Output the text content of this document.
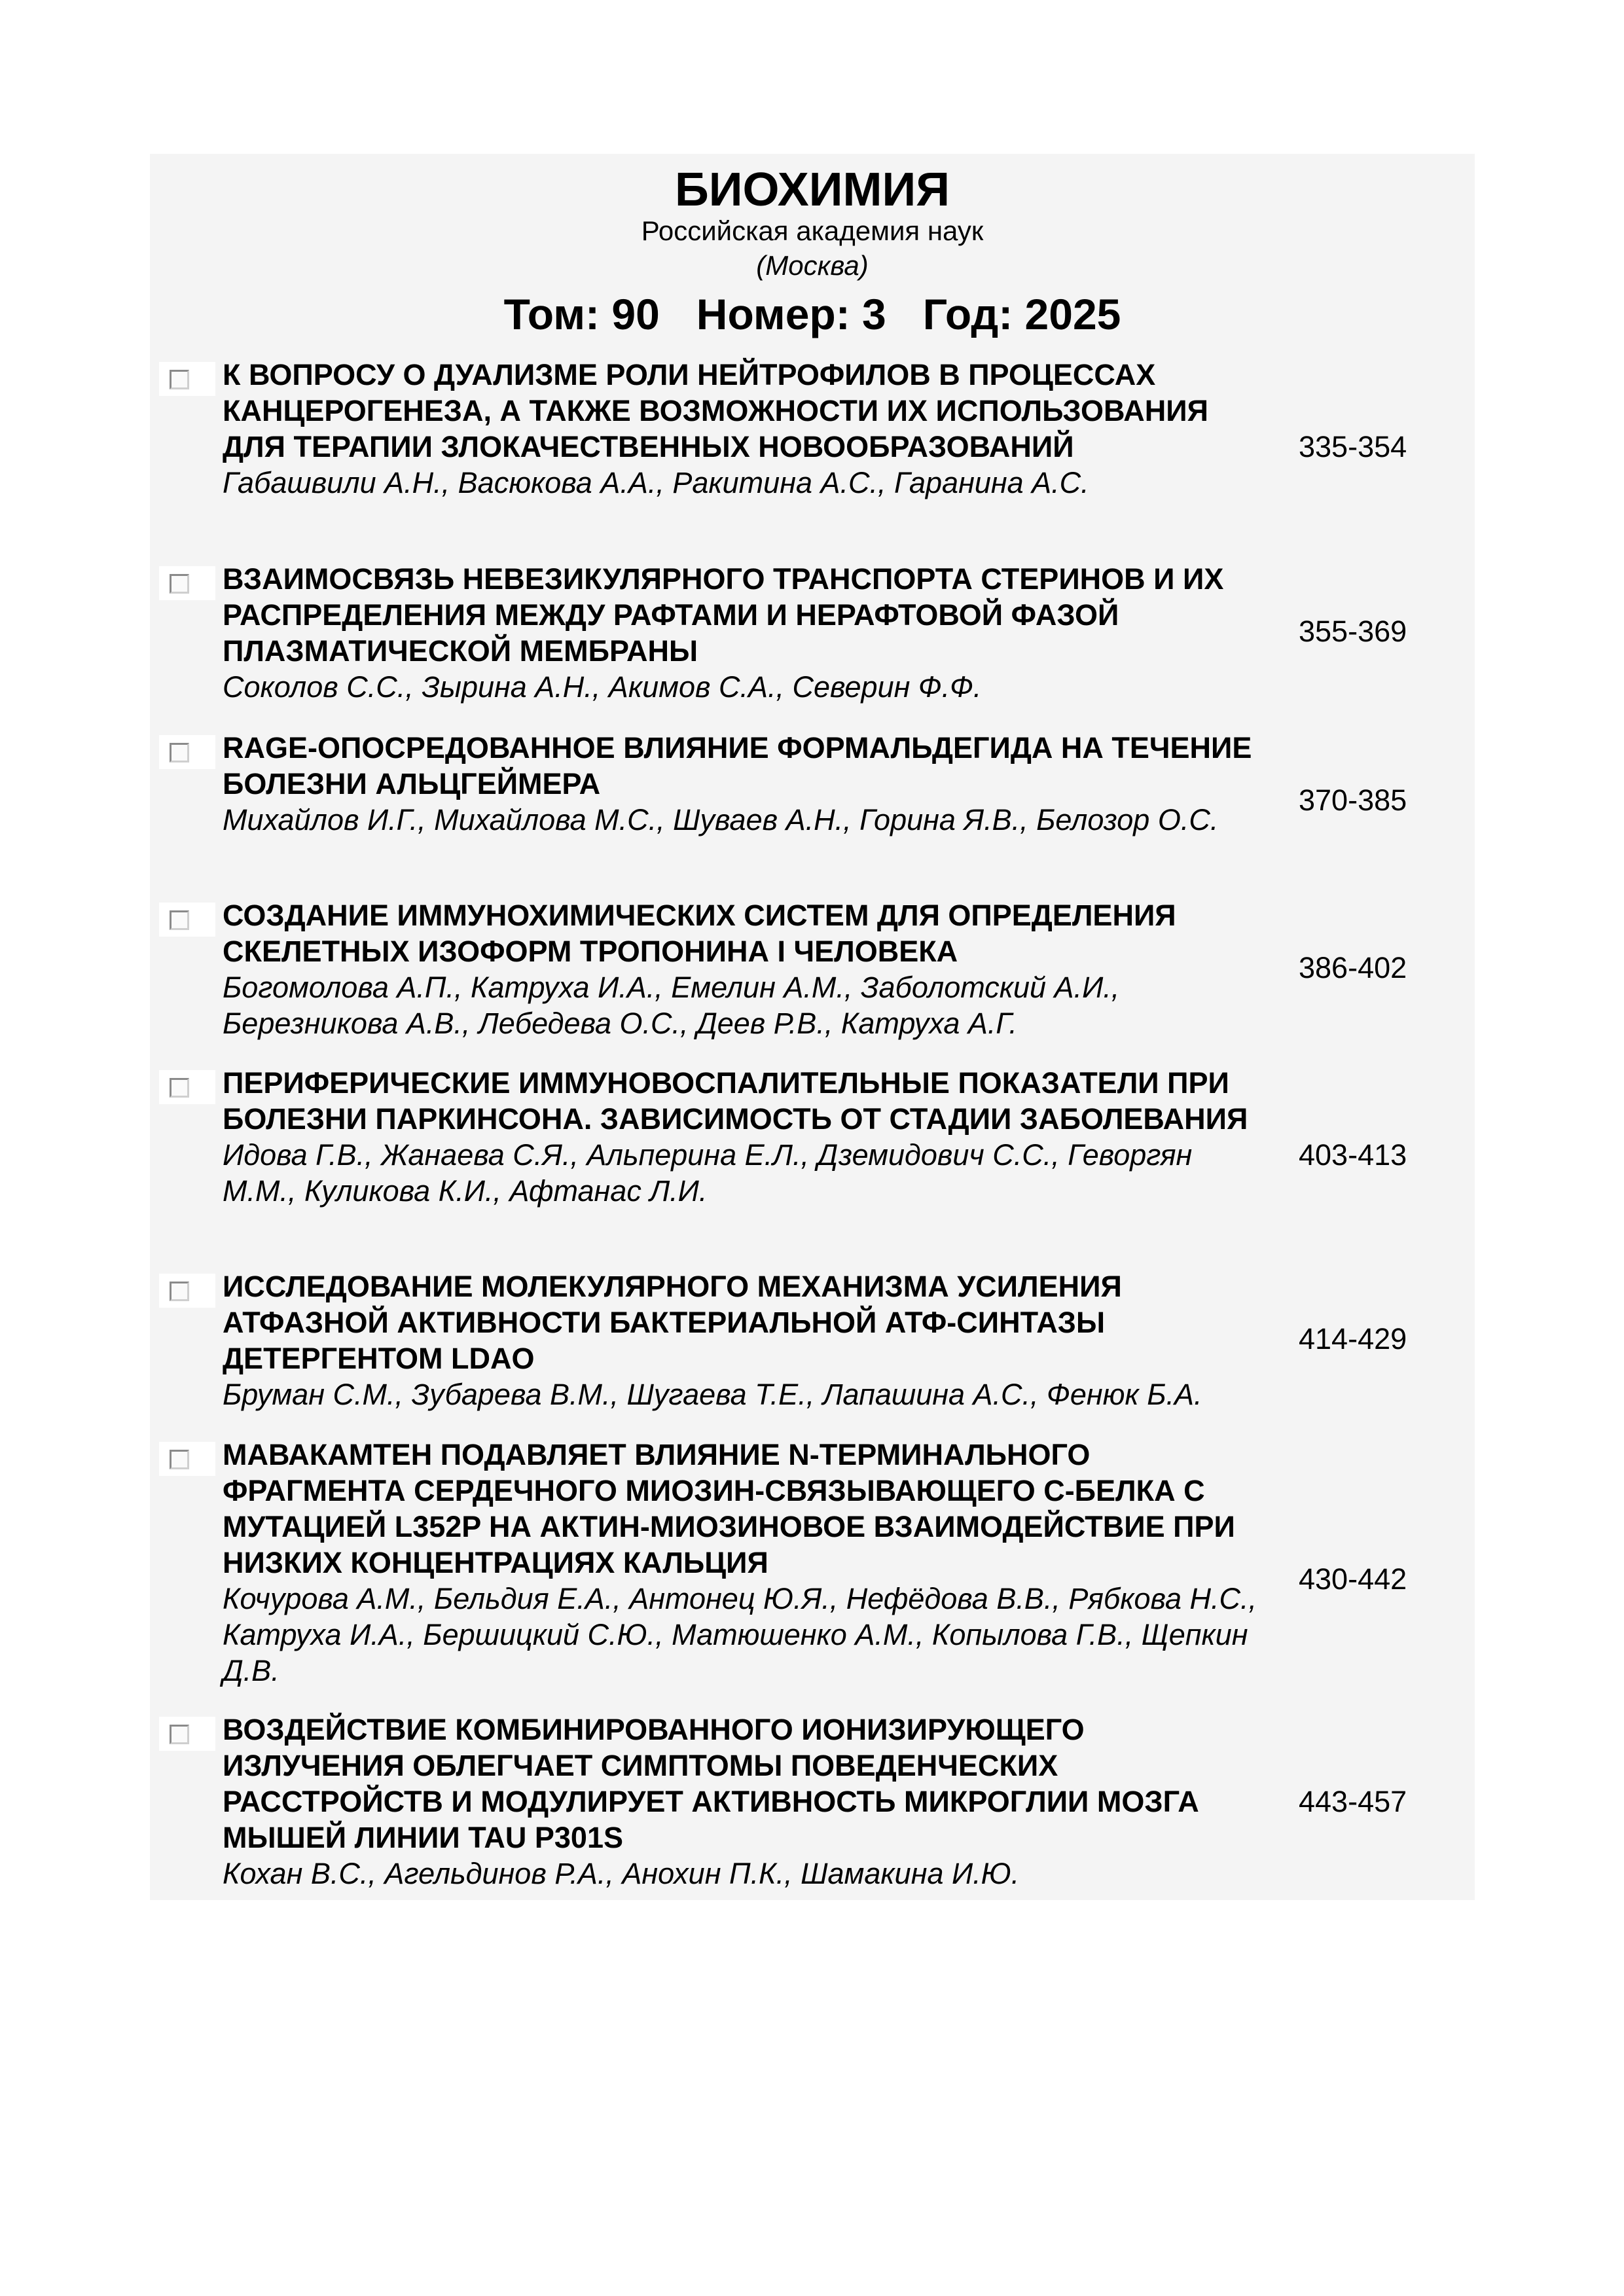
БИОХИМИЯ
Российская академия наук
(Москва)
Том: 90 Номер: 3 Год: 2025
К ВОПРОСУ О ДУАЛИЗМЕ РОЛИ НЕЙТРОФИЛОВ В ПРОЦЕССАХ КАНЦЕРОГЕНЕЗА, А ТАКЖЕ ВОЗМОЖНОСТИ ИХ ИСПОЛЬЗОВАНИЯ ДЛЯ ТЕРАПИИ ЗЛОКАЧЕСТВЕННЫХ НОВООБРАЗОВАНИЙ
Габашвили А.Н., Васюкова А.А., Ракитина А.С., Гаранина А.С.
335-354
ВЗАИМОСВЯЗЬ НЕВЕЗИКУЛЯРНОГО ТРАНСПОРТА СТЕРИНОВ И ИХ РАСПРЕДЕЛЕНИЯ МЕЖДУ РАФТАМИ И НЕРАФТОВОЙ ФАЗОЙ ПЛАЗМАТИЧЕСКОЙ МЕМБРАНЫ
Соколов С.С., Зырина А.Н., Акимов С.А., Северин Ф.Ф.
355-369
RAGE-ОПОСРЕДОВАННОЕ ВЛИЯНИЕ ФОРМАЛЬДЕГИДА НА ТЕЧЕНИЕ БОЛЕЗНИ АЛЬЦГЕЙМЕРА
Михайлов И.Г., Михайлова М.С., Шуваев А.Н., Горина Я.В., Белозор О.С.
370-385
СОЗДАНИЕ ИММУНОХИМИЧЕСКИХ СИСТЕМ ДЛЯ ОПРЕДЕЛЕНИЯ СКЕЛЕТНЫХ ИЗОФОРМ ТРОПОНИНА I ЧЕЛОВЕКА
Богомолова А.П., Катруха И.А., Емелин А.М., Заболотский А.И., Березникова А.В., Лебедева О.С., Деев Р.В., Катруха А.Г.
386-402
ПЕРИФЕРИЧЕСКИЕ ИММУНОВОСПАЛИТЕЛЬНЫЕ ПОКАЗАТЕЛИ ПРИ БОЛЕЗНИ ПАРКИНСОНА. ЗАВИСИМОСТЬ ОТ СТАДИИ ЗАБОЛЕВАНИЯ
Идова Г.В., Жанаева С.Я., Альперина Е.Л., Дземидович С.С., Геворгян М.М., Куликова К.И., Афтанас Л.И.
403-413
ИССЛЕДОВАНИЕ МОЛЕКУЛЯРНОГО МЕХАНИЗМА УСИЛЕНИЯ АТФАЗНОЙ АКТИВНОСТИ БАКТЕРИАЛЬНОЙ АТФ-СИНТАЗЫ ДЕТЕРГЕНТОМ LDAO
Бруман С.М., Зубарева В.М., Шугаева Т.Е., Лапашина А.С., Фенюк Б.А.
414-429
МАВАКАМТЕН ПОДАВЛЯЕТ ВЛИЯНИЕ N-ТЕРМИНАЛЬНОГО ФРАГМЕНТА СЕРДЕЧНОГО МИОЗИН-СВЯЗЫВАЮЩЕГО С-БЕЛКА С МУТАЦИЕЙ L352P НА АКТИН-МИОЗИНОВОЕ ВЗАИМОДЕЙСТВИЕ ПРИ НИЗКИХ КОНЦЕНТРАЦИЯХ КАЛЬЦИЯ
Кочурова А.М., Бельдия Е.А., Антонец Ю.Я., Нефёдова В.В., Рябкова Н.С., Катруха И.А., Бершицкий С.Ю., Матюшенко А.М., Копылова Г.В., Щепкин Д.В.
430-442
ВОЗДЕЙСТВИЕ КОМБИНИРОВАННОГО ИОНИЗИРУЮЩЕГО ИЗЛУЧЕНИЯ ОБЛЕГЧАЕТ СИМПТОМЫ ПОВЕДЕНЧЕСКИХ РАССТРОЙСТВ И МОДУЛИРУЕТ АКТИВНОСТЬ МИКРОГЛИИ МОЗГА МЫШЕЙ ЛИНИИ TAU P301S
Кохан В.С., Агельдинов Р.А., Анохин П.К., Шамакина И.Ю.
443-457
